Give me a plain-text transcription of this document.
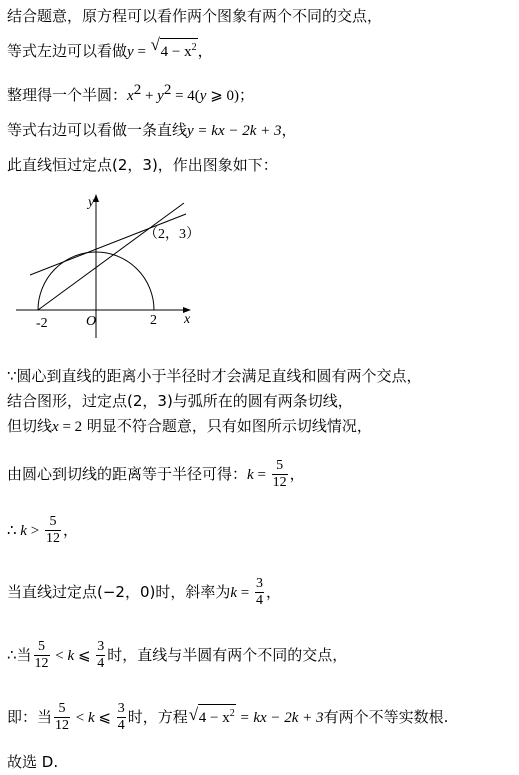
结合题意，原方程可以看作两个图象有两个不同的交点，
等式左边可以看做y = √ $4 - x^2$，
整理得一个半圆：$x^2 + y^2 = 4(y$ ⩾ 0)；
等式右边可以看做一条直线y = kx − 2k + 3，
此直线恒过定点(2，3)，作出图象如下：
y
x
O
-2	2
（2，3）
∵圆心到直线的距离小于半径时才会满足直线和圆有两个交点，
结合图形，过定点(2，3)与弧所在的圆有两条切线，
但切线x = 2 明显不符合题意，只有如图所示切线情况，
由圆心到切线的距离等于半径可得：$k = \frac{5}{12}$ ，
∴ $k > \frac{5}{12}$ ，
当直线过定点(−2，0)时，斜率为$k = \frac{3}{4}$ ，
∴当 $\frac{5}{12} < k$ ⩽ $\frac{3}{4}$ 时，直线与半圆有两个不同的交点，
即：当 $\frac{5}{12} < k$ ⩽ $\frac{3}{4}$ 时，方程 √ $4 - x^2$ = kx − 2k + 3有两个不等实数根.
故选 D.
